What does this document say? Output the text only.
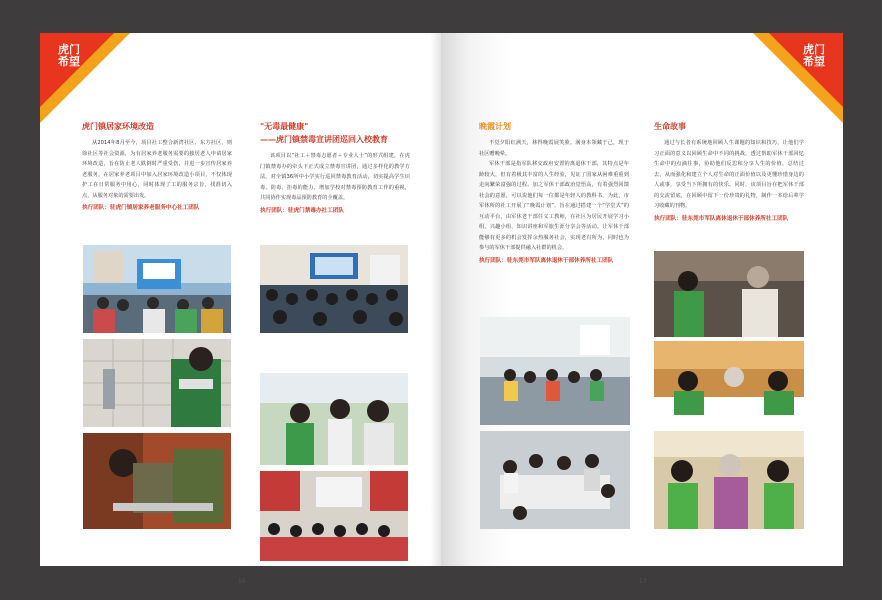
虎门希望

虎门镇居家环境改造

从2014年8月至今，项目社工整合新湾社区、东方社区、则徐社区等社会资源，为有居家养老服务需要的独居老人申请居家环境改造，旨在防止老人跌倒时严重受伤，并进一步宣传居家养老服务。在居家养老项目中加入居家环境改造小项目，不仅体现护工在日常服务中用心，同时体现了工的服务宗旨，找准切入点，从服务对象的需要出发。

执行团队：驻虎门镇居家养老服务中心社工团队

"无毒最健康"

——虎门镇禁毒宣讲团巡回入校教育

该项目以“社工＋禁毒志愿者＋专业人士”的形式组建，在虎门镇禁毒办的牵头下正式成立禁毒宣讲团，通过多样化的教学方法，对全镇36所中小学实行巡回禁毒教育活动，切实提高学生识毒、防毒、拒毒的能力，增加学校对禁毒预防教育工作的重视，共同协作实现毒品预防教育的全覆盖。

执行团队：驻虎门禁毒办社工团队

16
虎门希望

晚霞计划

不觉夕阳红满天，林得晚霞展笑脸。满身本领藏于己，现于社区赠晚晕。

军休干部是指军队移交政府安置的离退休干部，其特点是年龄较大，但有着极其丰富的人生经验，见证了国家从困难重重到走向繁荣富强的过程。加之军休干部政治觉悟高，有着强烈回馈社会的意愿，可以说他们每一位都是年轻人的教科书。为此，市军休所的社工开展了“晚霞计划”，旨在通过搭建一个“学堂式”的互动平台，由军休老干部任义工教师，在社区为居民开展学习小组、兴趣小组、知识讲座和军旅生涯分享会等活动。让军休干部能够有更多的机会发挥余热服务社会，实现老有所为，同时也为参与的军休干部提供融入社群的机会。

执行团队：驻东莞市军队离休退休干部休养所社工团队

生命故事

通过与长者有系统地回顾人生课题的知识和技巧，让他们学习正面的意义以回顾生命中不同的挑战，透过帮助军休干部回忆生命中的点滴往事，协助他们反思和分享人生的价值，总结过去，从而强化和建立个人对生命的正面价值以及更懂珍惜身边的人或事，享受当下所拥有的快乐。同时，该项目旨在把军休干部的交流留底，在回顾中留下一份珍贵的礼物，制作一本给后辈学习收藏的刊物。

执行团队：驻东莞市军队离休退休干部休养所社工团队

17
